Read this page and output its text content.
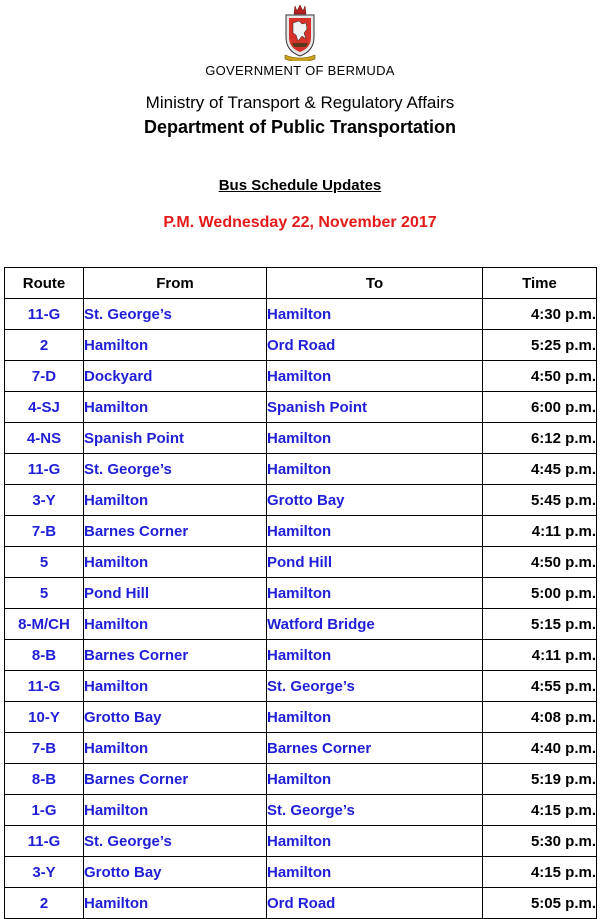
GOVERNMENT OF BERMUDA
Ministry of Transport & Regulatory Affairs
Department of Public Transportation
Bus Schedule Updates
P.M. Wednesday 22, November 2017
Route	From	To	Time
11-G	St. George’s	Hamilton	4:30 p.m.
2	Hamilton	Ord Road	5:25 p.m.
7-D	Dockyard	Hamilton	4:50 p.m.
4-SJ	Hamilton	Spanish Point	6:00 p.m.
4-NS	Spanish Point	Hamilton	6:12 p.m.
11-G	St. George’s	Hamilton	4:45 p.m.
3-Y	Hamilton	Grotto Bay	5:45 p.m.
7-B	Barnes Corner	Hamilton	4:11 p.m.
5	Hamilton	Pond Hill	4:50 p.m.
5	Pond Hill	Hamilton	5:00 p.m.
8-M/CH	Hamilton	Watford Bridge	5:15 p.m.
8-B	Barnes Corner	Hamilton	4:11 p.m.
11-G	Hamilton	St. George’s	4:55 p.m.
10-Y	Grotto Bay	Hamilton	4:08 p.m.
7-B	Hamilton	Barnes Corner	4:40 p.m.
8-B	Barnes Corner	Hamilton	5:19 p.m.
1-G	Hamilton	St. George’s	4:15 p.m.
11-G	St. George’s	Hamilton	5:30 p.m.
3-Y	Grotto Bay	Hamilton	4:15 p.m.
2	Hamilton	Ord Road	5:05 p.m.
